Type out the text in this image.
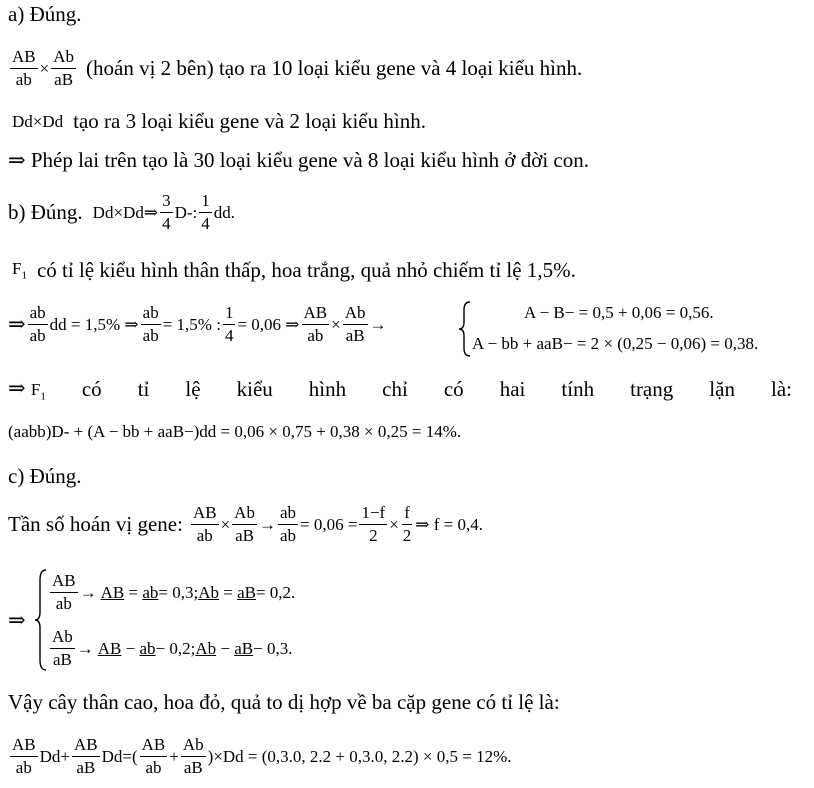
a) Đúng.
$\frac{AB}{ab} \times \frac{Ab}{aB}$ (hoán vị 2 bên) tạo ra 10 loại kiểu gene và 4 loại kiểu hình.
Dd×Dd tạo ra 3 loại kiểu gene và 2 loại kiểu hình.
⇒ Phép lai trên tạo là 30 loại kiểu gene và 8 loại kiểu hình ở đời con.
b) Đúng. Dd×Dd⇒ $\frac{3}{4} D-$: $\frac{1}{4}$ dd.
$F_1$ có tỉ lệ kiểu hình thân thấp, hoa trắng, quả nhỏ chiếm tỉ lệ 1,5%.
⇒ $\frac{ab}{ab}$ dd = 1,5% ⇒ $\frac{ab}{ab} = 1,5\%$ : $\frac{1}{4} = 0,06$ ⇒ $\frac{AB}{ab} \times \frac{Ab}{aB}$ →
A − B− = 0,5 + 0,06 = 0,56.
A − bb + aaB− = 2 × (0,25 − 0,06) = 0,38.
⇒ $F_1$ có tỉ lệ kiểu hình chỉ có hai tính trạng lặn là:
(aabb)D- + (A − bb + aaB−)dd = 0,06 × 0,75 + 0,38 × 0,25 = 14%.
c) Đúng.
Tần số hoán vị gene: $\frac{AB}{ab} \times \frac{Ab}{aB} \to \frac{ab}{ab} = 0,06 = \frac{1-f}{2} \times \frac{f}{2}$ ⇒ f = 0,4.
⇒
$\frac{AB}{ab}$ → AB = ab = 0,3; Ab = aB = 0,2.
$\frac{Ab}{aB}$ → AB − ab − 0,2; Ab − aB − 0,3.
Vậy cây thân cao, hoa đỏ, quả to dị hợp về ba cặp gene có tỉ lệ là:
$\frac{AB}{ab} Dd+ \frac{AB}{aB} Dd=( \frac{AB}{ab} + \frac{Ab}{aB} )\times Dd = (0,3.0$, 2.2 + 0,3.0, 2.2) × 0,5 = 12%.
